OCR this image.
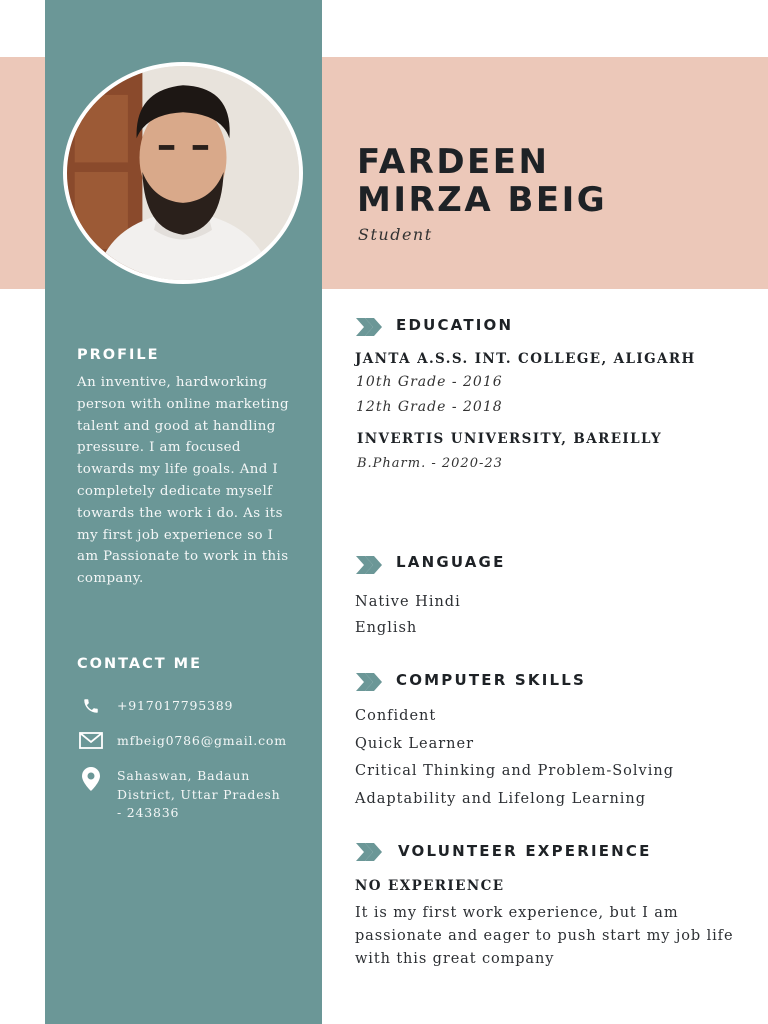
FARDEEN
MIRZA BEIG
Student
PROFILE

An inventive, hardworking person with online marketing talent and good at handling pressure. I am focused towards my life goals. And I completely dedicate myself towards the work i do. As its my first job experience so I am Passionate to work in this company.

CONTACT ME
+917017795389
mfbeig0786@gmail.com
Sahaswan, Badaun District, Uttar Pradesh - 243836
EDUCATION
JANTA A.S.S. INT. COLLEGE, ALIGARH
10th Grade - 2016
12th Grade - 2018
INVERTIS UNIVERSITY, BAREILLY
B.Pharm. - 2020-23
LANGUAGE
Native Hindi
English
COMPUTER SKILLS
Confident
Quick Learner
Critical Thinking and Problem-Solving
Adaptability and Lifelong Learning
VOLUNTEER EXPERIENCE
NO EXPERIENCE

It is my first work experience, but I am passionate and eager to push start my job life with this great company
